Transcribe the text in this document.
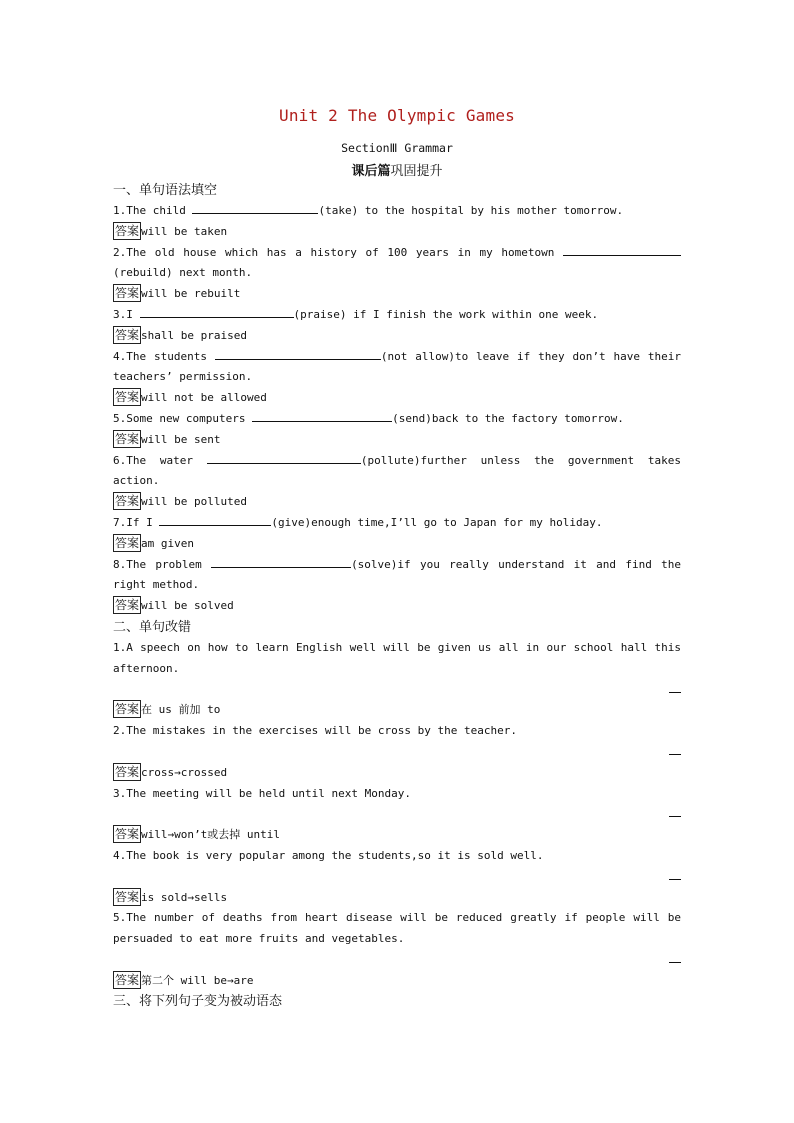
Unit 2 The Olympic Games
SectionⅢ Grammar
课后篇巩固提升
一、单句语法填空
1.The child	(take) to the hospital by his mother tomorrow.
答案 will be taken
2.The old house which has a history of 100 years in my hometown  (rebuild) next month.
答案 will be rebuilt
3.I	(praise) if I finish the work within one week.
答案 shall be praised
4.The students	(not allow)to leave if they don’t have their teachers’ permission.
答案 will not be allowed
5.Some new computers	(send)back to the factory tomorrow.
答案 will be sent
6.The water	(pollute)further unless the government takes action.
答案 will be polluted
7.If I	(give)enough time,I’ll go to Japan for my holiday.
答案 am given
8.The problem	(solve)if you really understand it and find the right method.
答案 will be solved
二、单句改错
1.A speech on how to learn English well will be given us all in our school hall this afternoon.
答案 在 us 前加 to
2.The mistakes in the exercises will be cross by the teacher.
答案 cross→crossed
3.The meeting will be held until next Monday.
答案 will→won’t或去掉 until
4.The book is very popular among the students,so it is sold well.
答案 is sold→sells
5.The number of deaths from heart disease will be reduced greatly if people will be persuaded to eat more fruits and vegetables.
答案 第二个 will be→are
三、将下列句子变为被动语态
